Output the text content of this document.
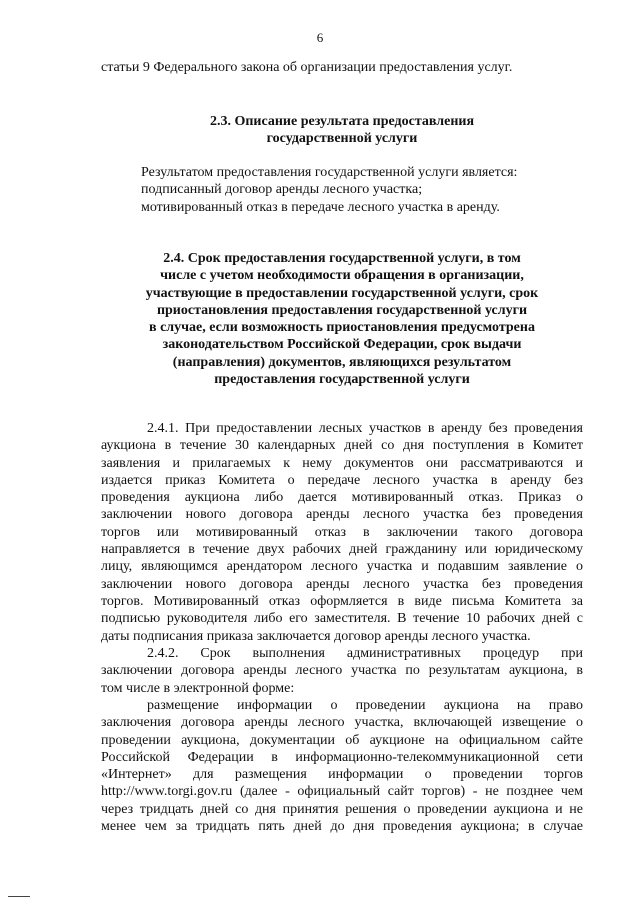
6
статьи 9 Федерального закона об организации предоставления услуг.
2.3. Описание результата предоставления
государственной услуги
Результатом предоставления государственной услуги является:
подписанный договор аренды лесного участка;
мотивированный отказ в передаче лесного участка в аренду.
2.4. Срок предоставления государственной услуги, в том
числе с учетом необходимости обращения в организации,
участвующие в предоставлении государственной услуги, срок
приостановления предоставления государственной услуги
в случае, если возможность приостановления предусмотрена
законодательством Российской Федерации, срок выдачи
(направления) документов, являющихся результатом
предоставления государственной услуги
2.4.1. При предоставлении лесных участков в аренду без проведения
аукциона в течение 30 календарных дней со дня поступления в Комитет
заявления и прилагаемых к нему документов они рассматриваются и
издается приказ Комитета о передаче лесного участка в аренду без
проведения аукциона либо дается мотивированный отказ. Приказ о
заключении нового договора аренды лесного участка без проведения
торгов или мотивированный отказ в заключении такого договора
направляется в течение двух рабочих дней гражданину или юридическому
лицу, являющимся арендатором лесного участка и подавшим заявление о
заключении нового договора аренды лесного участка без проведения
торгов. Мотивированный отказ оформляется в виде письма Комитета за
подписью руководителя либо его заместителя. В течение 10 рабочих дней с
даты подписания приказа заключается договор аренды лесного участка.
2.4.2. Срок выполнения административных процедур при
заключении договора аренды лесного участка по результатам аукциона, в
том числе в электронной форме:
размещение информации о проведении аукциона на право
заключения договора аренды лесного участка, включающей извещение о
проведении аукциона, документации об аукционе на официальном сайте
Российской Федерации в информационно-телекоммуникационной сети
«Интернет» для размещения информации о проведении торгов
http://www.torgi.gov.ru (далее - официальный сайт торгов) - не позднее чем
через тридцать дней со дня принятия решения о проведении аукциона и не
менее чем за тридцать пять дней до дня проведения аукциона; в случае
